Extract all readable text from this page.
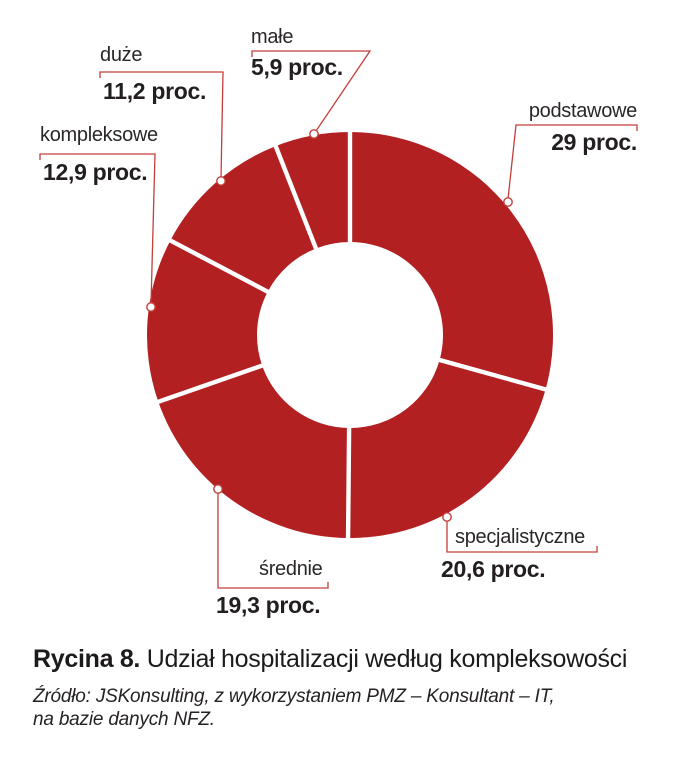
małe
5,9 proc.
duże
11,2 proc.
kompleksowe
12,9 proc.
podstawowe
29 proc.
specjalistyczne
20,6 proc.
średnie
19,3 proc.
Rycina 8. Udział hospitalizacji według kompleksowości
Źródło: JSKonsulting, z wykorzystaniem PMZ – Konsultant – IT,
na bazie danych NFZ.
